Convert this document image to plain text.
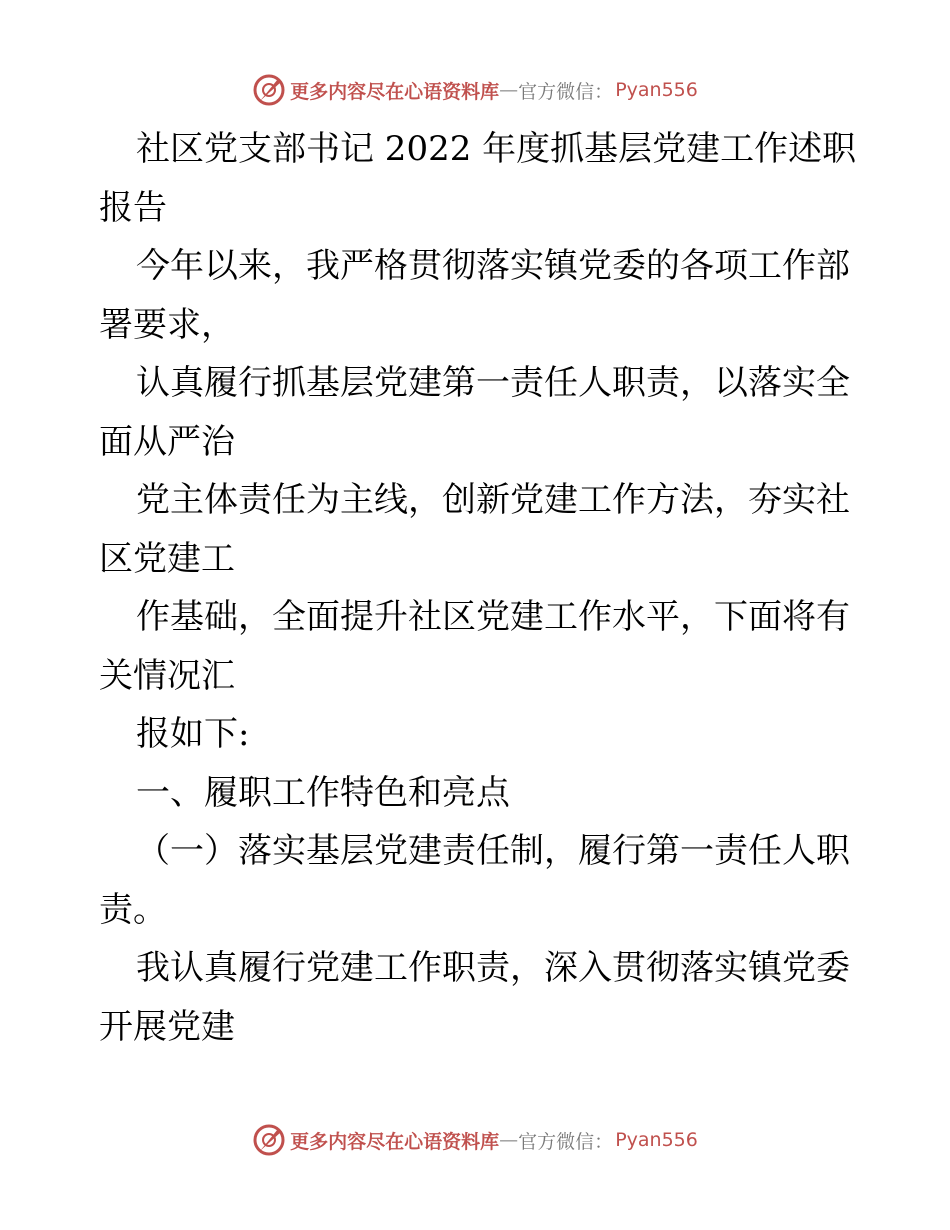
更多内容尽在心语资料库 — 官方微信： Pyan556
社区党支部书记 2022 年度抓基层党建工作述职
报告
今年以来，我严格贯彻落实镇党委的各项工作部
署要求，
认真履行抓基层党建第一责任人职责，以落实全
面从严治
党主体责任为主线，创新党建工作方法，夯实社
区党建工
作基础，全面提升社区党建工作水平，下面将有
关情况汇
报如下:
一、履职工作特色和亮点
（一）落实基层党建责任制，履行第一责任人职
责。
我认真履行党建工作职责，深入贯彻落实镇党委
开展党建
更多内容尽在心语资料库 — 官方微信： Pyan556
